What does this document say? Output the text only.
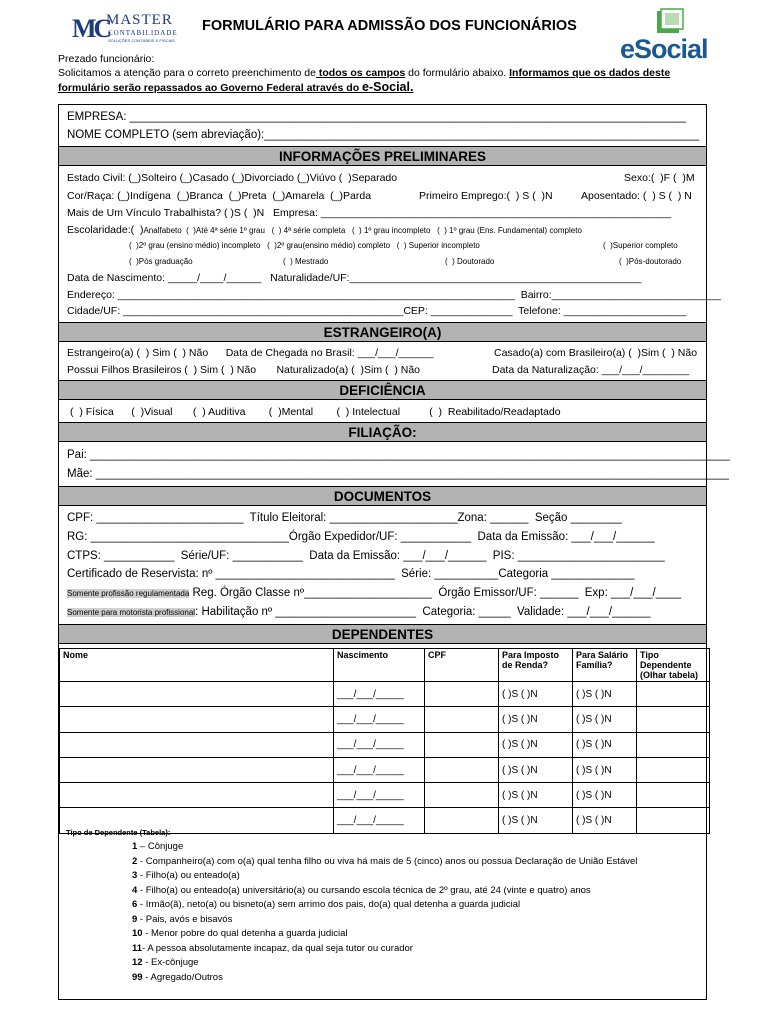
MC
MASTER
CONTABILIDADE
SOLUÇÕES CONTÁBEIS E FISCAIS
FORMULÁRIO PARA ADMISSÃO DOS FUNCIONÁRIOS
eSocial
Prezado funcionário:
Solicitamos a atenção para o correto preenchimento de todos os campos do formulário abaixo. Informamos que os dados deste
formulário serão repassados ao Governo Federal através do e-Social.
EMPRESA: _______________________________________________________________________________________
NOME COMPLETO (sem abreviação):____________________________________________________________________
INFORMAÇÕES PRELIMINARES
Estado Civil: (_)Solteiro (_)Casado (_)Divorciado (_)Viúvo (  )Separado	Sexo:(  )F (  )M
Cor/Raça: (_)Indígena  (_)Branca  (_)Preta  (_)Amarela  (_)Parda	Primeiro Emprego:(  ) S (  )N	Aposentado: (  ) S (  ) N
Mais de Um Vínculo Trabalhista? ( )S (  )N   Empresa: ____________________________________________________________
Escolaridade:(  )Analfabeto  (  )Até 4ª série 1º grau   (  ) 4ª série completa   (  ) 1º grau incompleto   (  ) 1º grau (Ens. Fundamental) completo
(  )2º grau (ensino médio) incompleto   (  )2º grau(ensino médio) completo   (  ) Superior incompleto	(  )Superior completo
(  )Pós graduação	(  ) Mestrado	(  ) Doutorado	(  )Pós-doutorado
Data de Nascimento: _____/____/______   Naturalidade/UF:__________________________________________________
Endereço: ____________________________________________________________________  Bairro:_____________________________
Cidade/UF: ________________________________________________CEP: ______________  Telefone: _____________________
ESTRANGEIRO(A)
Estrangeiro(a) (  ) Sim (  ) Não      Data de Chegada no Brasil: ___/___/______	Casado(a) com Brasileiro(a) (  )Sim (  ) Não
Possui Filhos Brasileiros (  ) Sim (  ) Não       Naturalizado(a) (  )Sim (  ) Não	Data da Naturalização: ___/___/________
DEFICIÊNCIA
(  ) Física      (  )Visual       (  ) Auditiva        (  )Mental        (  ) Intelectual          (  )  Reabilitado/Readaptado
FILIAÇÃO:
Pai: ____________________________________________________________________________________________________
Mãe: ___________________________________________________________________________________________________
DOCUMENTOS
CPF: _______________________  Título Eleitoral: ____________________Zona: ______  Seção ________
RG: _______________________________Órgão Expedidor/UF: ___________  Data da Emissão: ___/___/______
CTPS: ___________  Série/UF: ___________  Data da Emissão: ___/___/______  PIS: _______________________
Certificado de Reservista: nº ____________________________  Série: __________Categoria _____________
Somente profissão regulamentada Reg. Órgão Classe nº____________________  Órgão Emissor/UF: ______  Exp: ___/___/____
Somente para motorista profissional: Habilitação nº ______________________  Categoria: _____  Validade: ___/___/______
DEPENDENTES
Nome	Nascimento	CPF	Para Imposto de Renda?	Para Salário Família?	Tipo Dependente (Olhar tabela)
	___/___/_____		( )S ( )N	( )S ( )N	
	___/___/_____		( )S ( )N	( )S ( )N	
	___/___/_____		( )S ( )N	( )S ( )N	
	___/___/_____		( )S ( )N	( )S ( )N	
	___/___/_____		( )S ( )N	( )S ( )N	
	___/___/_____		( )S ( )N	( )S ( )N	
Tipo de Dependente (Tabela):
1 – Cônjuge
2 - Companheiro(a) com o(a) qual tenha filho ou viva há mais de 5 (cinco) anos ou possua Declaração de União Estável
3 - Filho(a) ou enteado(a)
4 - Filho(a) ou enteado(a) universitário(a) ou cursando escola técnica de 2º grau, até 24 (vinte e quatro) anos
6 - Irmão(ã), neto(a) ou bisneto(a) sem arrimo dos pais, do(a) qual detenha a guarda judicial
9 - Pais, avós e bisavós
10 - Menor pobre do qual detenha a guarda judicial
11- A pessoa absolutamente incapaz, da qual seja tutor ou curador
12 - Ex-cônjuge
99 - Agregado/Outros
